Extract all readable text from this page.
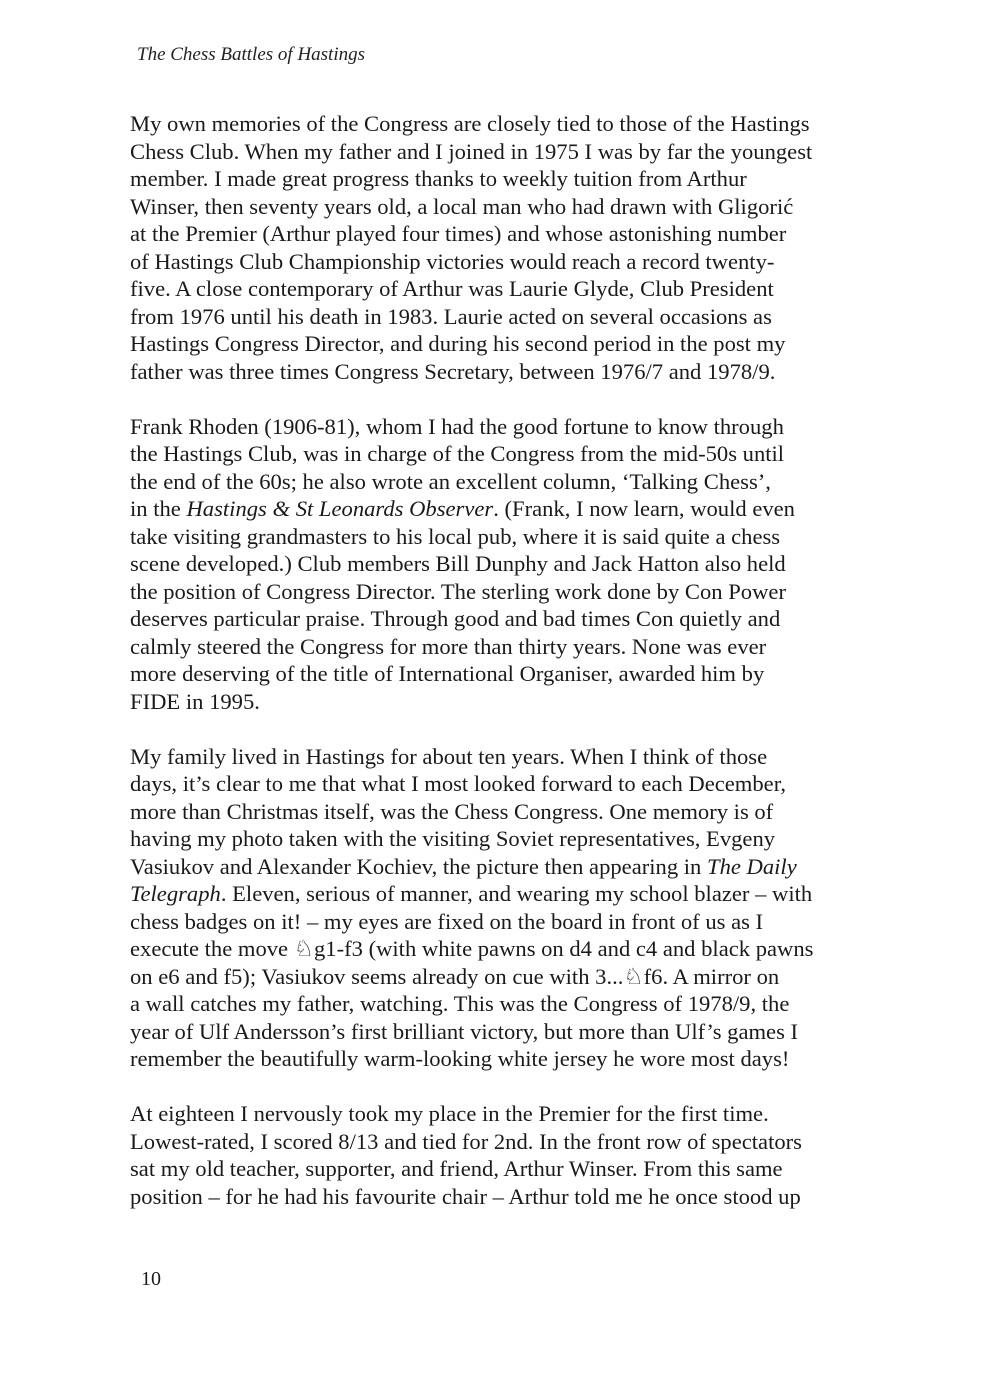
The Chess Battles of Hastings

My own memories of the Congress are closely tied to those of the Hastings
Chess Club. When my father and I joined in 1975 I was by far the youngest
member. I made great progress thanks to weekly tuition from Arthur
Winser, then seventy years old, a local man who had drawn with Gligorić
at the Premier (Arthur played four times) and whose astonishing number
of Hastings Club Championship victories would reach a record twenty-
five. A close contemporary of Arthur was Laurie Glyde, Club President
from 1976 until his death in 1983. Laurie acted on several occasions as
Hastings Congress Director, and during his second period in the post my
father was three times Congress Secretary, between 1976/7 and 1978/9.

Frank Rhoden (1906-81), whom I had the good fortune to know through
the Hastings Club, was in charge of the Congress from the mid-50s until
the end of the 60s; he also wrote an excellent column, ‘Talking Chess’,
in the Hastings & St Leonards Observer. (Frank, I now learn, would even
take visiting grandmasters to his local pub, where it is said quite a chess
scene developed.) Club members Bill Dunphy and Jack Hatton also held
the position of Congress Director. The sterling work done by Con Power
deserves particular praise. Through good and bad times Con quietly and
calmly steered the Congress for more than thirty years. None was ever
more deserving of the title of International Organiser, awarded him by
FIDE in 1995.

My family lived in Hastings for about ten years. When I think of those
days, it’s clear to me that what I most looked forward to each December,
more than Christmas itself, was the Chess Congress. One memory is of
having my photo taken with the visiting Soviet representatives, Evgeny
Vasiukov and Alexander Kochiev, the picture then appearing in The Daily
Telegraph. Eleven, serious of manner, and wearing my school blazer – with
chess badges on it! – my eyes are fixed on the board in front of us as I
execute the move ♘g1-f3 (with white pawns on d4 and c4 and black pawns
on e6 and f5); Vasiukov seems already on cue with 3...♘f6. A mirror on
a wall catches my father, watching. This was the Congress of 1978/9, the
year of Ulf Andersson’s first brilliant victory, but more than Ulf’s games I
remember the beautifully warm-looking white jersey he wore most days!

At eighteen I nervously took my place in the Premier for the first time.
Lowest-rated, I scored 8/13 and tied for 2nd. In the front row of spectators
sat my old teacher, supporter, and friend, Arthur Winser. From this same
position – for he had his favourite chair – Arthur told me he once stood up

10
